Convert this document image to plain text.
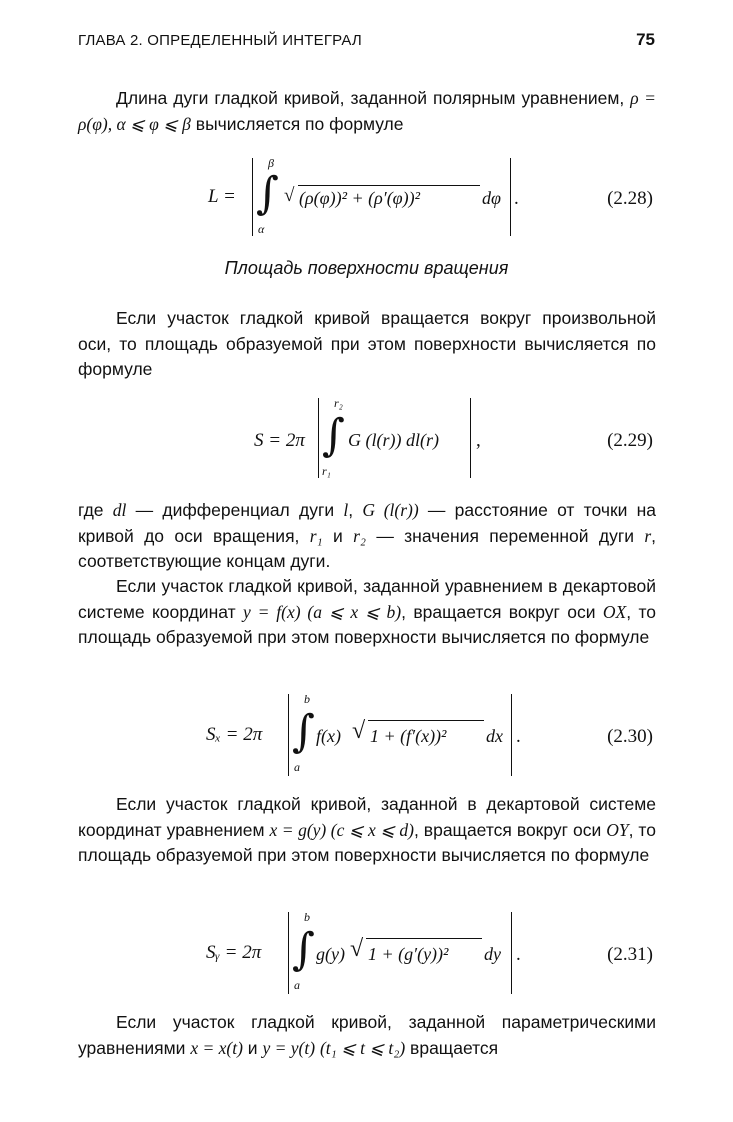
ГЛАВА 2. ОПРЕДЕЛЕННЫЙ ИНТЕГРАЛ	75

Длина дуги гладкой кривой, заданной полярным уравнением, ρ = ρ(φ), α ⩽ φ ⩽ β вычисляется по формуле

L =
β
∫
α
√ (ρ(φ))² + (ρ′(φ))²	dφ .	(2.28)
Площадь поверхности вращения

Если участок гладкой кривой вращается вокруг произвольной оси, то площадь образуемой при этом поверхности вычисляется по формуле

S = 2π
r₂
∫
r₁
G (l(r)) dl(r) ,	(2.29)

где dl — дифференциал дуги l, G (l(r)) — расстояние от точки на кривой до оси вращения, r₁ и r₂ — значения переменной дуги r, соответствующие концам дуги.

Если участок гладкой кривой, заданной уравнением в декартовой системе координат y = f(x) (a ⩽ x ⩽ b), вращается вокруг оси OX, то площадь образуемой при этом поверхности вычисляется по формуле

Sₓ = 2π
b
∫
a
f(x) √ 1 + (f′(x))² dx .	(2.30)

Если участок гладкой кривой, заданной в декартовой системе координат уравнением x = g(y) (c ⩽ x ⩽ d), вращается вокруг оси OY, то площадь образуемой при этом поверхности вычисляется по формуле

Sᵧ = 2π
b
∫
a
g(y) √ 1 + (g′(y))² dy .	(2.31)

Если участок гладкой кривой, заданной параметрическими уравнениями x = x(t) и y = y(t) (t₁ ⩽ t ⩽ t₂) вращается
